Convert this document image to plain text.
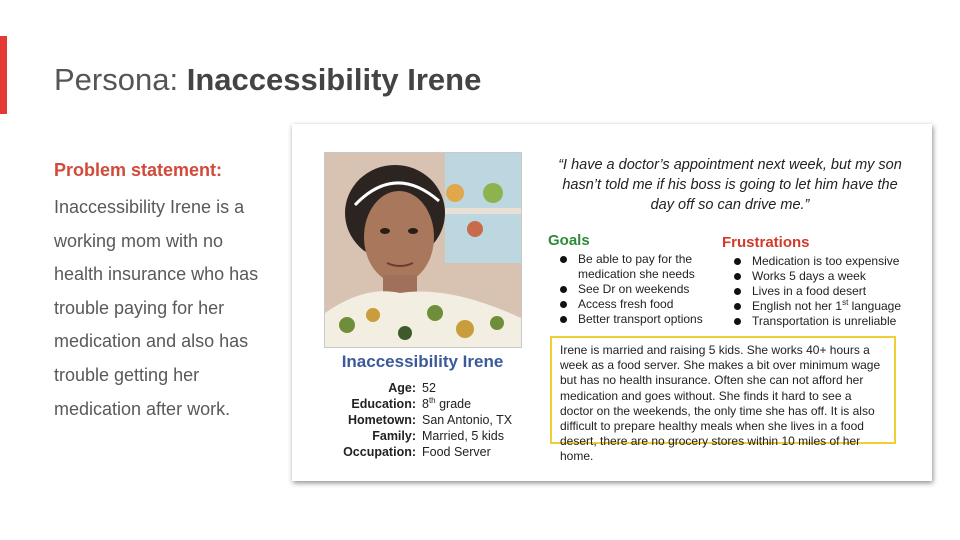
Persona: Inaccessibility Irene
Problem statement:
Inaccessibility Irene is a working mom with no health insurance who has trouble paying for her medication and also has trouble getting her medication after work.
Inaccessibility Irene
Age: 52
Education: 8th grade
Hometown: San Antonio, TX
Family: Married, 5 kids
Occupation: Food Server
“I have a doctor’s appointment next week, but my son hasn’t told me if his boss is going to let him have the day off so can drive me.”
Goals
Be able to pay for the medication she needs
See Dr on weekends
Access fresh food
Better transport options
Frustrations
Medication is too expensive
Works 5 days a week
Lives in a food desert
English not her 1st language
Transportation is unreliable
Irene is married and raising 5 kids. She works 40+ hours a week as a food server. She makes a bit over minimum wage but has no health insurance. Often she can not afford her medication and goes without. She finds it hard to see a doctor on the weekends, the only time she has off. It is also difficult to prepare healthy meals when she lives in a food desert, there are no grocery stores within 10 miles of her home.
